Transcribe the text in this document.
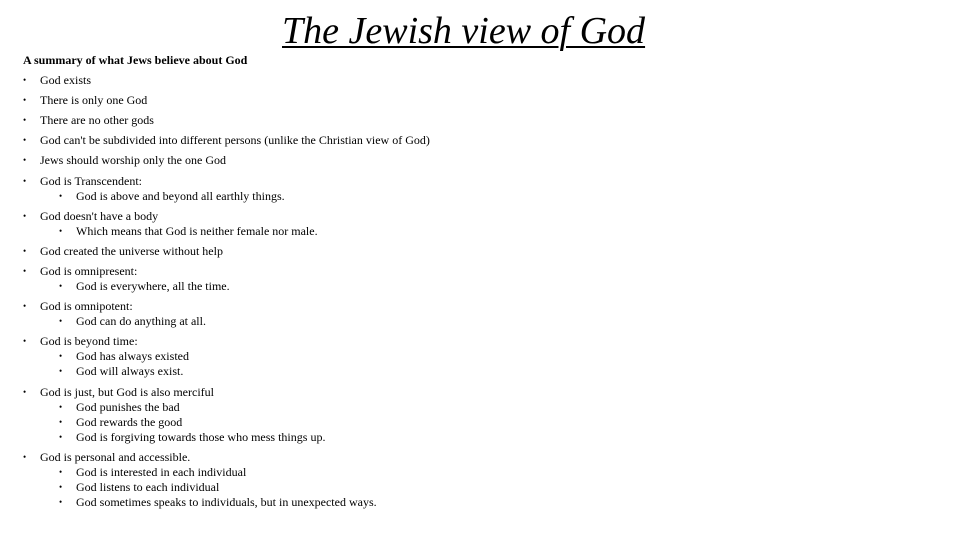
The Jewish view of God
A summary of what Jews believe about God
• God exists
• There is only one God
• There are no other gods
• God can't be subdivided into different persons (unlike the Christian view of God)
• Jews should worship only the one God
• God is Transcendent:
• God is above and beyond all earthly things.
• God doesn't have a body
• Which means that God is neither female nor male.
• God created the universe without help
• God is omnipresent:
• God is everywhere, all the time.
• God is omnipotent:
• God can do anything at all.
• God is beyond time:
• God has always existed
• God will always exist.
• God is just, but God is also merciful
• God punishes the bad
• God rewards the good
• God is forgiving towards those who mess things up.
• God is personal and accessible.
• God is interested in each individual
• God listens to each individual
• God sometimes speaks to individuals, but in unexpected ways.
